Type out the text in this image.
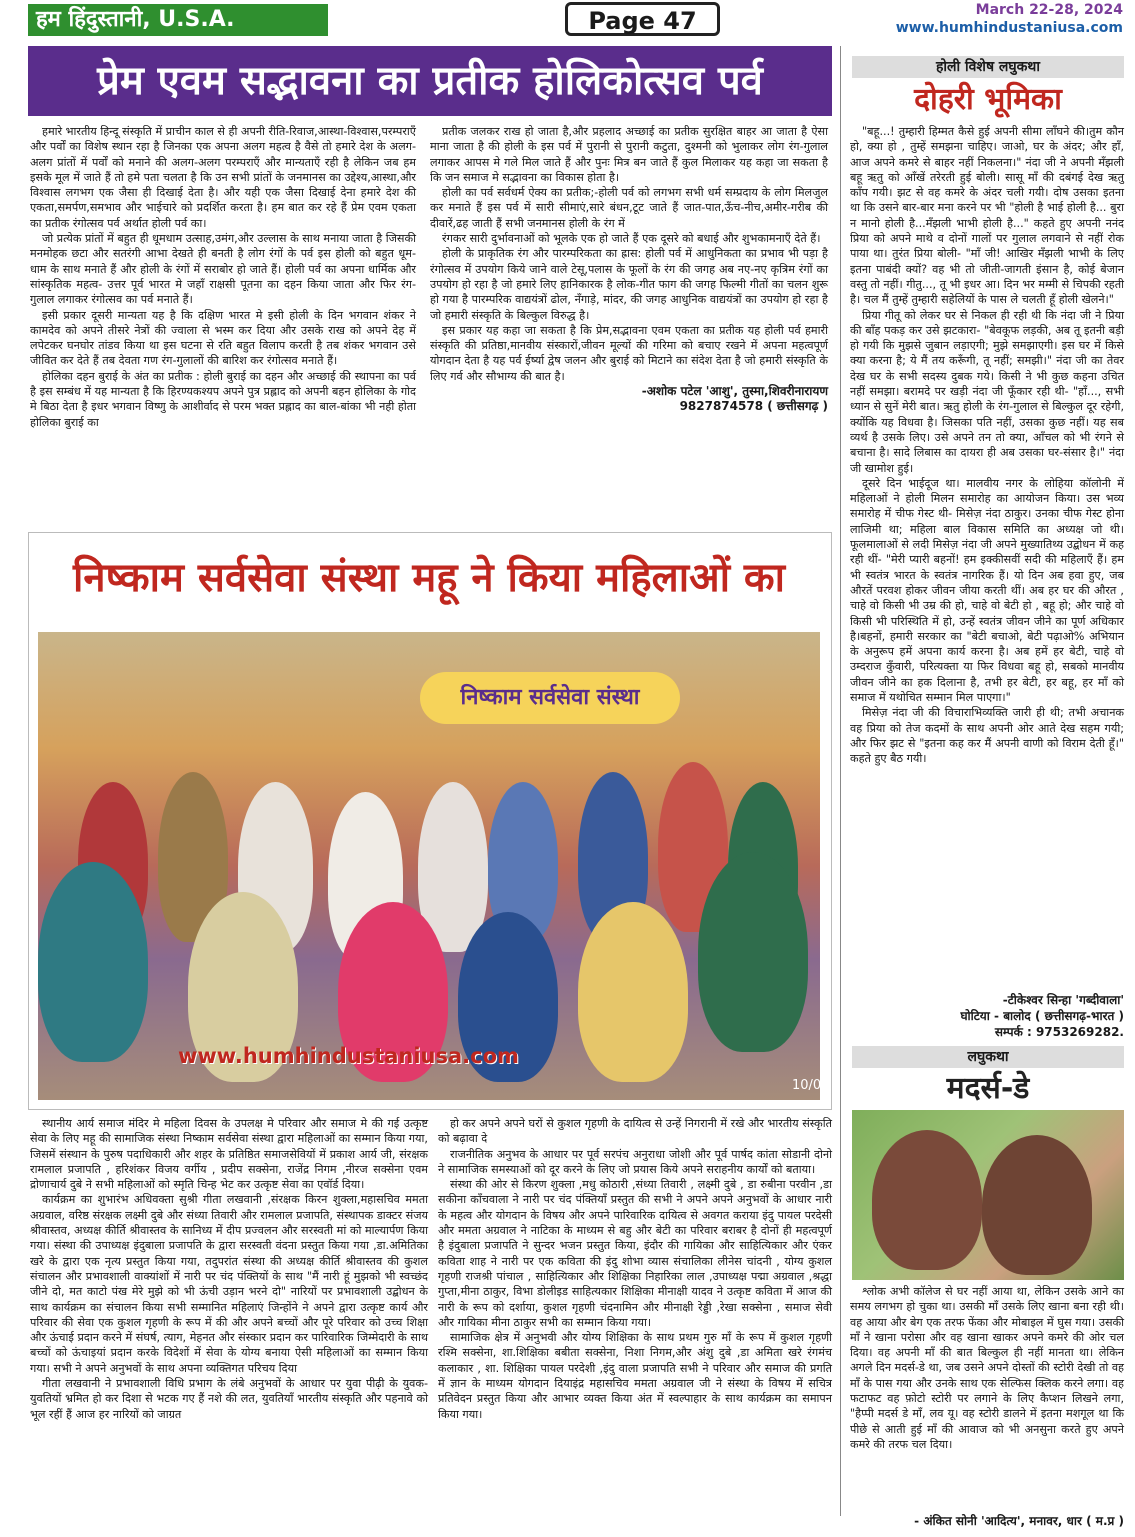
हम हिंदुस्तानी, U.S.A.	Page 47	March 22-28, 2024
www.humhindustaniusa.com
प्रेम एवम सद्भावना का प्रतीक होलिकोत्सव पर्व

हमारे भारतीय हिन्दू संस्कृति में प्राचीन काल से ही अपनी रीति-रिवाज,आस्था-विश्वास,परम्पराएँ और पर्वों का विशेष स्थान रहा है जिनका एक अपना अलग महत्व है वैसे तो हमारे देश के अलग-अलग प्रांतों में पर्वों को मनाने की अलग-अलग परम्पराएँ और मान्यताएँ रही है लेकिन जब हम इसके मूल में जाते हैं तो हमे पता चलता है कि उन सभी प्रांतों के जनमानस का उद्देश्य,आस्था,और विश्वास लगभग एक जैसा ही दिखाई देता है। और यही एक जैसा दिखाई देना हमारे देश की एकता,समर्पण,समभाव और भाईचारे को प्रदर्शित करता है। हम बात कर रहे हैं प्रेम एवम एकता का प्रतीक रंगोत्सव पर्व अर्थात होली पर्व का।

जो प्रत्येक प्रांतों में बहुत ही धूमधाम उत्साह,उमंग,और उल्लास के साथ मनाया जाता है जिसकी मनमोहक छटा और सतरंगी आभा देखते ही बनती है लोग रंगों के पर्व इस होली को बहुत धूम-धाम के साथ मनाते हैं और होली के रंगों में सराबोर हो जाते हैं। होली पर्व का अपना धार्मिक और सांस्कृतिक महत्व- उत्तर पूर्व भारत मे जहाँ राक्षसी पूतना का दहन किया जाता और फिर रंग- गुलाल लगाकर रंगोत्सव का पर्व मनाते हैं।

इसी प्रकार दूसरी मान्यता यह है कि दक्षिण भारत मे इसी होली के दिन भगवान शंकर ने कामदेव को अपने तीसरे नेत्रों की ज्वाला से भस्म कर दिया और उसके राख को अपने देह में लपेटकर घनघोर तांडव किया था इस घटना से रति बहुत विलाप करती है तब शंकर भगवान उसे जीवित कर देते हैं तब देवता गण रंग-गुलालों की बारिश कर रंगोत्सव मनाते हैं।

होलिका दहन बुराई के अंत का प्रतीक : होली बुराई का दहन और अच्छाई की स्थापना का पर्व है इस सम्बंध में यह मान्यता है कि हिरण्यकश्यप अपने पुत्र प्रह्लाद को अपनी बहन होलिका के गोद मे बिठा देता है इधर भगवान विष्णु के आशीर्वाद से परम भक्त प्रह्लाद का बाल-बांका भी नही होता होलिका बुराई का

प्रतीक जलकर राख हो जाता है,और प्रहलाद अच्छाई का प्रतीक सुरक्षित बाहर आ जाता है ऐसा माना जाता है की होली के इस पर्व में पुरानी से पुरानी कटुता, दुश्मनी को भुलाकर लोग रंग-गुलाल लगाकर आपस मे गले मिल जाते हैं और पुनः मित्र बन जाते हैं कुल मिलाकर यह कहा जा सकता है कि जन समाज मे सद्भावना का विकास होता है।

होली का पर्व सर्वधर्म ऐक्य का प्रतीक;-होली पर्व को लगभग सभी धर्म सम्प्रदाय के लोग मिलजुल कर मनाते हैं इस पर्व में सारी सीमाएं,सारे बंधन,टूट जाते हैं जात-पात,ऊँच-नीच,अमीर-गरीब की दीवारें,ढह जाती हैं सभी जनमानस होली के रंग में

रंगकर सारी दुर्भावनाओं को भूलके एक हो जाते हैं एक दूसरे को बधाई और शुभकामनाएँ देते हैं।

होली के प्राकृतिक रंग और पारम्परिकता का ह्रास: होली पर्व में आधुनिकता का प्रभाव भी पड़ा है रंगोत्सव में उपयोग किये जाने वाले टेसू,पलास के फूलों के रंग की जगह अब नए-नए कृत्रिम रंगों का उपयोग हो रहा है जो हमारे लिए हानिकारक है लोक-गीत फाग की जगह फिल्मी गीतों का चलन शुरू हो गया है पारम्परिक वाद्ययंत्रों ढोल, नँगाड़े, मांदर, की जगह आधुनिक वाद्ययंत्रों का उपयोग हो रहा है जो हमारी संस्कृति के बिल्कुल विरुद्ध है।

इस प्रकार यह कहा जा सकता है कि प्रेम,सद्भावना एवम एकता का प्रतीक यह होली पर्व हमारी संस्कृति की प्रतिष्ठा,मानवीय संस्कारों,जीवन मूल्यों की गरिमा को बचाए रखने में अपना महत्वपूर्ण योगदान देता है यह पर्व ईर्ष्या द्वेष जलन और बुराई को मिटाने का संदेश देता है जो हमारी संस्कृति के लिए गर्व और सौभाग्य की बात है।

-अशोक पटेल 'आशु', तुस्मा,शिवरीनारायण
9827874578 ( छत्तीसगढ़ )
निष्काम सर्वसेवा संस्था महू ने किया महिलाओं का
निष्काम सर्वसेवा संस्था
www.humhindustaniusa.com
10/0

स्थानीय आर्य समाज मंदिर मे महिला दिवस के उपलक्ष मे परिवार और समाज मे की गई उत्कृष्ट सेवा के लिए महू की सामाजिक संस्था निष्काम सर्वसेवा संस्था द्वारा महिलाओं का सम्मान किया गया, जिसमें संस्थान के पुरुष पदाधिकारी और शहर के प्रतिष्ठित समाजसेवियों में प्रकाश आर्य जी, संरक्षक रामलाल प्रजापति , हरिशंकर विजय वर्गीय , प्रदीप सक्सेना, राजेंद्र निगम ,नीरज सक्सेना एवम द्रोणाचार्य दुबे ने सभी महिलाओं को स्मृति चिन्ह भेट कर उत्कृष्ट सेवा का एवॉर्ड दिया।

कार्यक्रम का शुभारंभ अधिवक्ता सुश्री गीता लखवानी ,संरक्षक किरन शुक्ला,महासचिव ममता अग्रवाल, वरिष्ठ संरक्षक लक्ष्मी दुबे और संध्या तिवारी और रामलाल प्रजापति, संस्थापक डाक्टर संजय श्रीवास्तव, अध्यक्ष कीर्ति श्रीवास्तव के सानिध्य में दीप प्रज्वलन और सरस्वती मां को माल्यार्पण किया गया। संस्था की उपाध्यक्ष इंदुबाला प्रजापति के द्वारा सरस्वती वंदना प्रस्तुत किया गया ,डा.अमितिका खरे के द्वारा एक नृत्य प्रस्तुत किया गया, तदुपरांत संस्था की अध्यक्ष कीर्ति श्रीवास्तव की कुशल संचालन और प्रभावशाली वाक्यांशों में नारी पर चंद पंक्तियों के साथ "मैं नारी हूं मुझको भी स्वच्छंद जीने दो, मत काटो पंख मेरे मुझे को भी ऊंची उड़ान भरने दो" नारियों पर प्रभावशाली उद्बोधन के साथ कार्यक्रम का संचालन किया सभी सम्मानित महिलाएं जिन्होंने ने अपने द्वारा उत्कृष्ट कार्य और परिवार की सेवा एक कुशल गृहणी के रूप में की और अपने बच्चों और पूरे परिवार को उच्च शिक्षा और ऊंचाई प्रदान करने में संघर्ष, त्याग, मेहनत और संस्कार प्रदान कर पारिवारिक जिम्मेदारी के साथ बच्चों को ऊंचाइयां प्रदान करके विदेशों में सेवा के योग्य बनाया ऐसी महिलाओं का सम्मान किया गया। सभी ने अपने अनुभवों के साथ अपना व्यक्तिगत परिचय दिया

गीता लखवानी ने प्रभावशाली विधि प्रभाग के लंबे अनुभवों के आधार पर युवा पीढ़ी के युवक-युवतियों भ्रमित हो कर दिशा से भटक गए हैं नशे की लत, युवतियाँ भारतीय संस्कृति और पहनावे को भूल रहीं हैं आज हर नारियों को जाग्रत

हो कर अपने अपने घरों से कुशल गृहणी के दायित्व से उन्हें निगरानी में रखे और भारतीय संस्कृति को बढ़ावा दे

राजनीतिक अनुभव के आधार पर पूर्व सरपंच अनुराधा जोशी और पूर्व पार्षद कांता सोडानी दोनो ने सामाजिक समस्याओं को दूर करने के लिए जो प्रयास किये अपने सराहनीय कार्यों को बताया।

संस्था की ओर से किरण शुक्ला ,मधु कोठारी ,संध्या तिवारी , लक्ष्मी दुबे , डा रुबीना परवीन ,डा सकीना काँचवाला ने नारी पर चंद पंक्तियाँ प्रस्तुत की सभी ने अपने अपने अनुभवों के आधार नारी के महत्व और योगदान के विषय और अपने पारिवारिक दायित्व से अवगत कराया इंदु पायल परदेसी और ममता अग्रवाल ने नाटिका के माध्यम से बहु और बेटी का परिवार बराबर है दोनों ही महत्वपूर्ण है इंदुबाला प्रजापति ने सुन्दर भजन प्रस्तुत किया, इंदौर की गायिका और साहित्यिकार और एंकर कविता शाह ने नारी पर एक कविता की इंदु शोभा व्यास संचालिका लीनेस चांदनी , योग्य कुशल गृहणी राजश्री पांचाल , साहित्यिकार और शिक्षिका निहारिका लाल ,उपाध्यक्ष पद्मा अग्रवाल ,श्रद्धा गुप्ता,मीना ठाकुर, विभा डोलीइड साहित्यकार शिक्षिका मीनाक्षी यादव ने उत्कृष्ट कविता में आज की नारी के रूप को दर्शाया, कुशल गृहणी चंदनामिन और मीनाक्षी रेड्डी ,रेखा सक्सेना , समाज सेवी और गायिका मीना ठाकुर सभी का सम्मान किया गया।

सामाजिक क्षेत्र में अनुभवी और योग्य शिक्षिका के साथ प्रथम गुरु माँ के रूप में कुशल गृहणी रश्मि सक्सेना, शा.शिक्षिका बबीता सक्सेना, निशा निगम,और अंशु दुबे ,डा अमिता खरे रंगमंच कलाकार , शा. शिक्षिका पायल परदेशी ,इंदु वाला प्रजापति सभी ने परिवार और समाज की प्रगति में ज्ञान के माध्यम योगदान दियाइंद्र महासचिव ममता अग्रवाल जी ने संस्था के विषय में सचित्र प्रतिवेदन प्रस्तुत किया और आभार व्यक्त किया अंत में स्वल्पाहार के साथ कार्यक्रम का समापन किया गया।

होली विशेष लघुकथा
दोहरी भूमिका

"बहू...! तुम्हारी हिम्मत कैसे हुई अपनी सीमा लाँघने की।तुम कौन हो, क्या हो , तुम्हें समझना चाहिए। जाओ, घर के अंदर; और हाँ, आज अपने कमरे से बाहर नहीं निकलना।" नंदा जी ने अपनी मँझली बहू ऋतु को आँखें तरेरती हुई बोली। सासू माँ की दबंगई देख ऋतु काँप गयी। झट से वह कमरे के अंदर चली गयी। दोष उसका इतना था कि उसने बार-बार मना करने पर भी "होली है भाई होली है... बुरा न मानो होली है...मँझली भाभी होली है..." कहते हुए अपनी ननंद प्रिया को अपने माथे व दोनों गालों पर गुलाल लगवाने से नहीं रोक पाया था। तुरंत प्रिया बोली- "माँ जी! आखिर मँझली भाभी के लिए इतना पाबंदी क्यों? वह भी तो जीती-जागती इंसान है, कोई बेजान वस्तु तो नहीं। गीतु..., तू भी इधर आ। दिन भर मम्मी से चिपकी रहती है। चल मैं तुम्हें तुम्हारी सहेलियों के पास ले चलती हूँ होली खेलने।"

प्रिया गीतू को लेकर घर से निकल ही रही थी कि नंदा जी ने प्रिया की बाँह पकड़ कर उसे झटकारा- "बेवकूफ लड़की, अब तू इतनी बड़ी हो गयी कि मुझसे जुबान लड़ाएगी; मुझे समझाएगी। इस घर में किसे क्या करना है; ये मैं तय करूँगी, तू नहीं; समझी।" नंदा जी का तेवर देख घर के सभी सदस्य दुबक गये। किसी ने भी कुछ कहना उचित नहीं समझा। बरामदे पर खड़ी नंदा जी फूँकार रही थी- "हाँ..., सभी ध्यान से सुनें मेरी बात। ऋतु होली के रंग-गुलाल से बिल्कुल दूर रहेगी, क्योंकि यह विधवा है। जिसका पति नहीं, उसका कुछ नहीं। यह सब व्यर्थ है उसके लिए। उसे अपने तन तो क्या, आँचल को भी रंगने से बचाना है। सादे लिबास का दायरा ही अब उसका घर-संसार है।" नंदा जी खामोश हुई।

दूसरे दिन भाईदूज था। मालवीय नगर के लोहिया कॉलोनी में महिलाओं ने होली मिलन समारोह का आयोजन किया। उस भव्य समारोह में चीफ गेस्ट थी- मिसेज़ नंदा ठाकुर। उनका चीफ गेस्ट होना लाजिमी था; महिला बाल विकास समिति का अध्यक्ष जो थी। फूलमालाओं से लदी मिसेज़ नंदा जी अपने मुख्यातिथ्य उद्बोधन में कह रही थीं- "मेरी प्यारी बहनों! हम इक्कीसवीं सदी की महिलाएँ हैं। हम भी स्वतंत्र भारत के स्वतंत्र नागरिक हैं। यो दिन अब हवा हुए, जब औरतें परवश होकर जीवन जीया करती थीं। अब हर घर की औरत , चाहे वो किसी भी उम्र की हो, चाहे वो बेटी हो , बहू हो; और चाहे वो किसी भी परिस्थिति में हो, उन्हें स्वतंत्र जीवन जीने का पूर्ण अधिकार है।बहनों, हमारी सरकार का "बेटी बचाओ, बेटी पढ़ाओ% अभियान के अनुरूप हमें अपना कार्य करना है। अब हमें हर बेटी, चाहे वो उम्दराज कुँवारी, परित्यक्ता या फिर विधवा बहू हो, सबको मानवीय जीवन जीने का हक दिलाना है, तभी हर बेटी, हर बहू, हर माँ को समाज में यथोचित सम्मान मिल पाएगा।"

मिसेज़ नंदा जी की विचाराभिव्यक्ति जारी ही थी; तभी अचानक वह प्रिया को तेज कदमों के साथ अपनी ओर आते देख सहम गयी; और फिर झट से "इतना कह कर मैं अपनी वाणी को विराम देती हूँ।" कहते हुए बैठ गयी।

-टीकेश्वर सिन्हा 'गब्दीवाला'
घोटिया - बालोद ( छत्तीसगढ़-भारत )
सम्पर्क : 9753269282.
लघुकथा
मदर्स-डे

श्लोक अभी कॉलेज से घर नहीं आया था, लेकिन उसके आने का समय लगभग हो चुका था। उसकी माँ उसके लिए खाना बना रही थी। वह आया और बेग एक तरफ फेंका और मोबाइल में घुस गया। उसकी माँ ने खाना परोसा और वह खाना खाकर अपने कमरे की ओर चल दिया। वह अपनी माँ की बात बिल्कुल ही नहीं मानता था। लेकिन अगले दिन मदर्स-डे था, जब उसने अपने दोस्तों की स्टोरी देखी तो वह माँ के पास गया और उनके साथ एक सेल्फिस क्लिक करने लगा। वह फटाफट वह फ़ोटो स्टोरी पर लगाने के लिए कैप्शन लिखने लगा, "हैप्पी मदर्स डे माँ, लव यू। वह स्टोरी डालने में इतना मशगूल था कि पीछे से आती हुई माँ की आवाज को भी अनसुना करते हुए अपने कमरे की तरफ चल दिया।

- अंकित सोनी 'आदित्य', मनावर, धार ( म.प्र )
